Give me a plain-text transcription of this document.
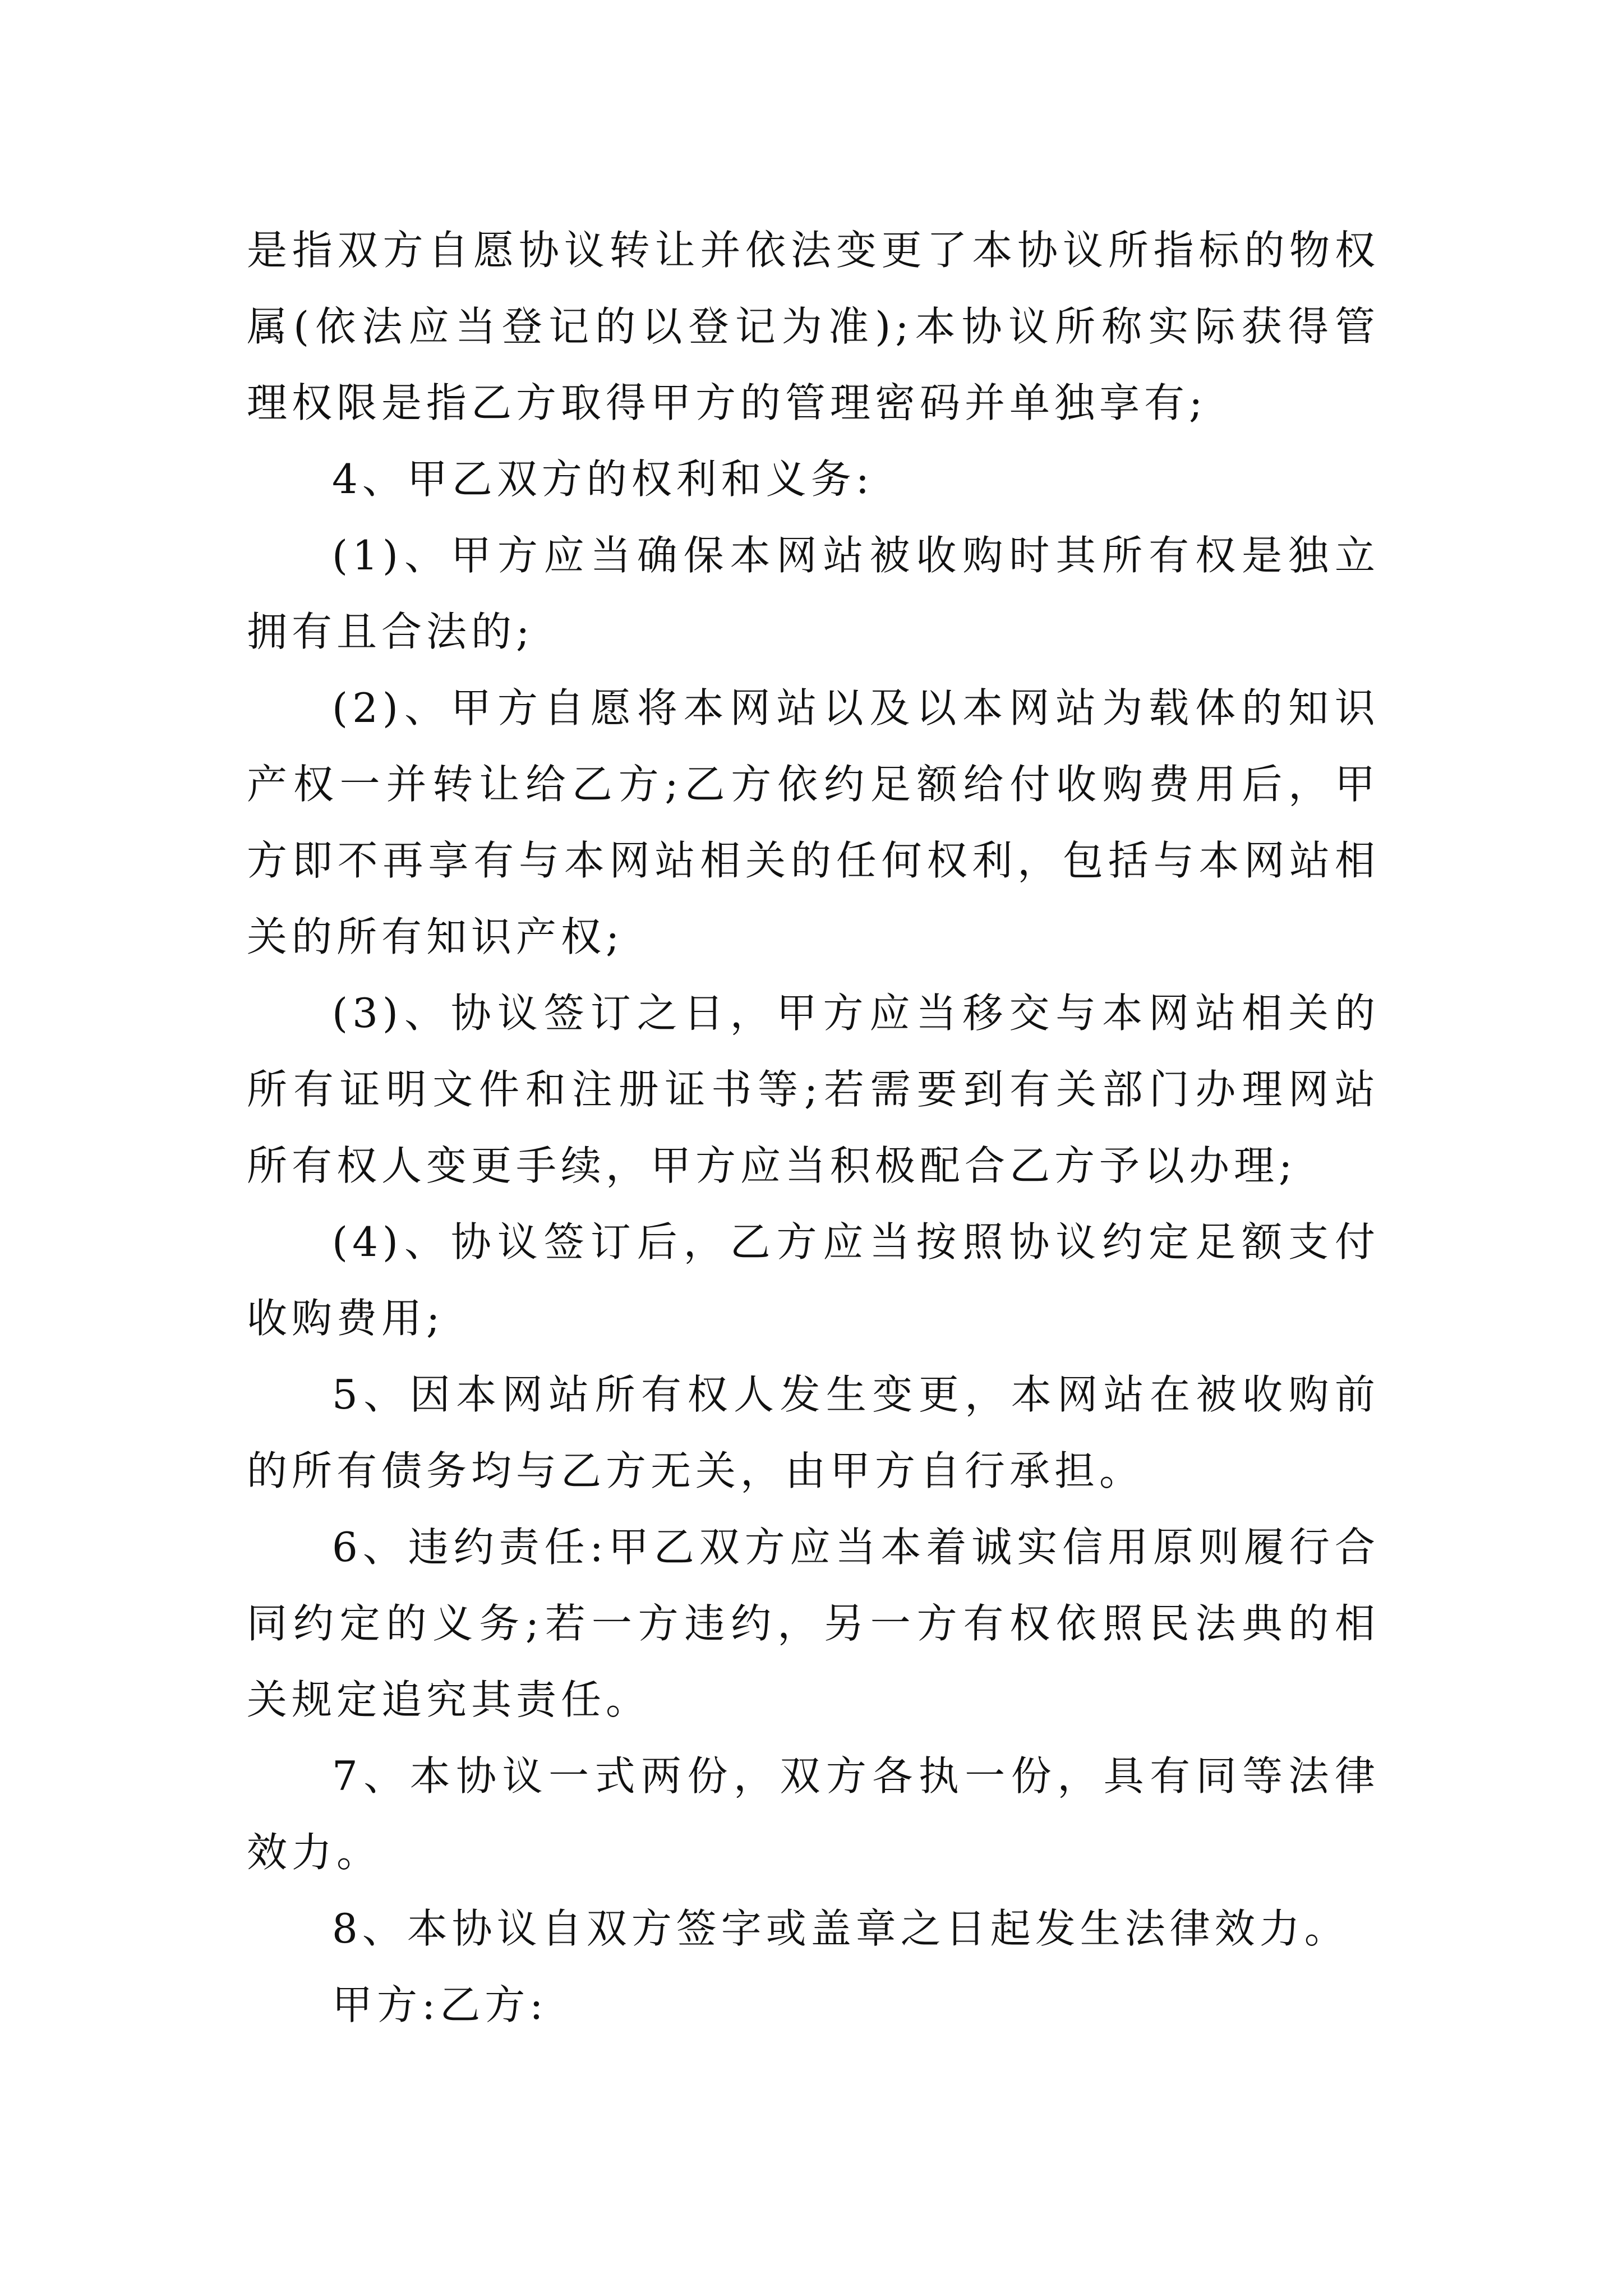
是指双方自愿协议转让并依法变更了本协议所指标的物权属(依法应当登记的以登记为准);本协议所称实际获得管理权限是指乙方取得甲方的管理密码并单独享有;

4、甲乙双方的权利和义务:

(1)、甲方应当确保本网站被收购时其所有权是独立拥有且合法的;

(2)、甲方自愿将本网站以及以本网站为载体的知识产权一并转让给乙方;乙方依约足额给付收购费用后，甲方即不再享有与本网站相关的任何权利，包括与本网站相关的所有知识产权;

(3)、协议签订之日，甲方应当移交与本网站相关的所有证明文件和注册证书等;若需要到有关部门办理网站所有权人变更手续，甲方应当积极配合乙方予以办理;

(4)、协议签订后，乙方应当按照协议约定足额支付收购费用;

5、因本网站所有权人发生变更，本网站在被收购前的所有债务均与乙方无关，由甲方自行承担。

6、违约责任:甲乙双方应当本着诚实信用原则履行合同约定的义务;若一方违约，另一方有权依照民法典的相关规定追究其责任。

7、本协议一式两份，双方各执一份，具有同等法律效力。

8、本协议自双方签字或盖章之日起发生法律效力。

甲方:乙方:
